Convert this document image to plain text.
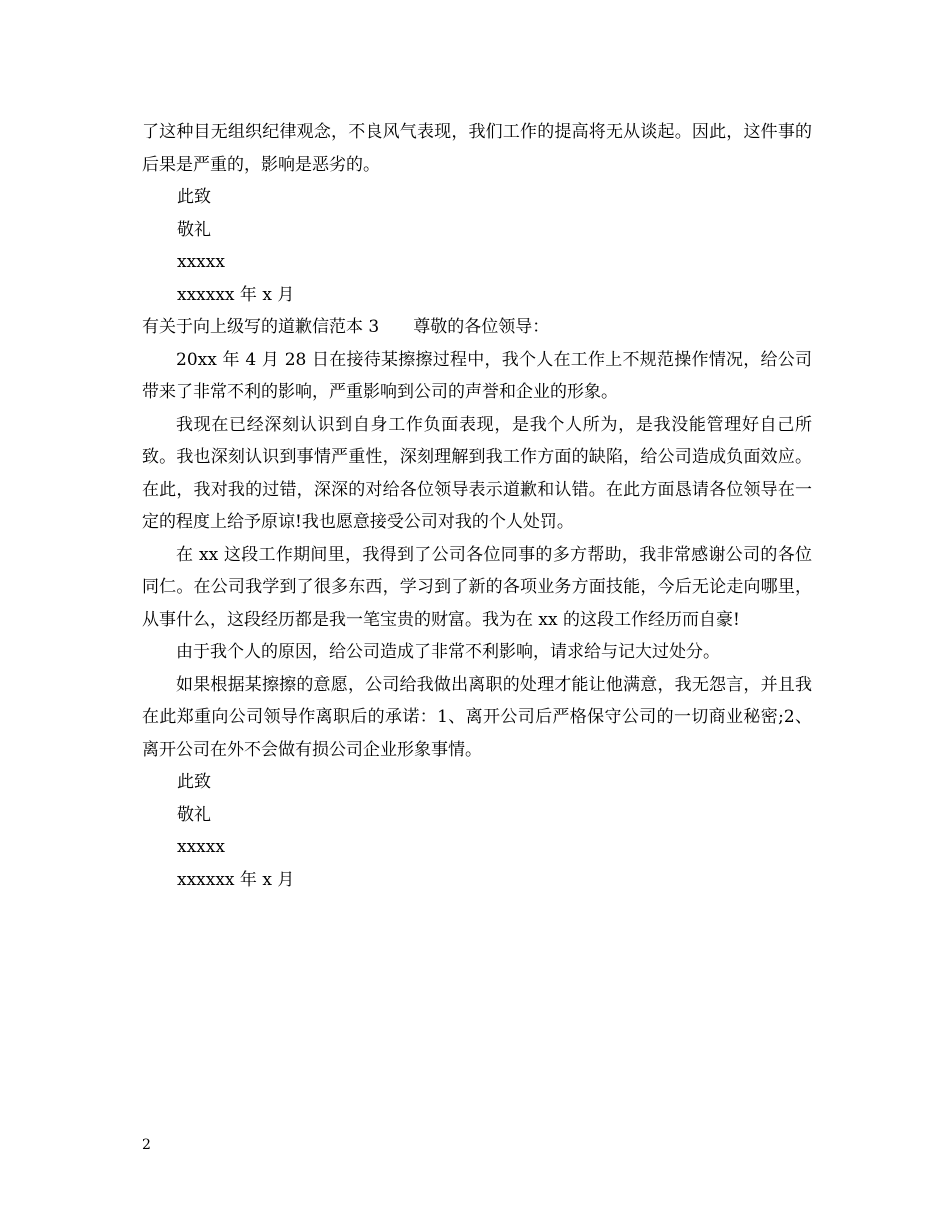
了这种目无组织纪律观念，不良风气表现，我们工作的提高将无从谈起。因此，这件事的后果是严重的，影响是恶劣的。

此致

敬礼

xxxxx

xxxxxx 年 x 月

有关于向上级写的道歉信范本 3 尊敬的各位领导：

20xx 年 4 月 28 日在接待某擦擦过程中，我个人在工作上不规范操作情况，给公司带来了非常不利的影响，严重影响到公司的声誉和企业的形象。

我现在已经深刻认识到自身工作负面表现，是我个人所为，是我没能管理好自己所致。我也深刻认识到事情严重性，深刻理解到我工作方面的缺陷，给公司造成负面效应。在此，我对我的过错，深深的对给各位领导表示道歉和认错。在此方面恳请各位领导在一定的程度上给予原谅!我也愿意接受公司对我的个人处罚。

在 xx 这段工作期间里，我得到了公司各位同事的多方帮助，我非常感谢公司的各位同仁。在公司我学到了很多东西，学习到了新的各项业务方面技能，今后无论走向哪里，从事什么，这段经历都是我一笔宝贵的财富。我为在 xx 的这段工作经历而自豪!

由于我个人的原因，给公司造成了非常不利影响，请求给与记大过处分。

如果根据某擦擦的意愿，公司给我做出离职的处理才能让他满意，我无怨言，并且我在此郑重向公司领导作离职后的承诺：1、离开公司后严格保守公司的一切商业秘密;2、离开公司在外不会做有损公司企业形象事情。

此致

敬礼

xxxxx

xxxxxx 年 x 月

2
